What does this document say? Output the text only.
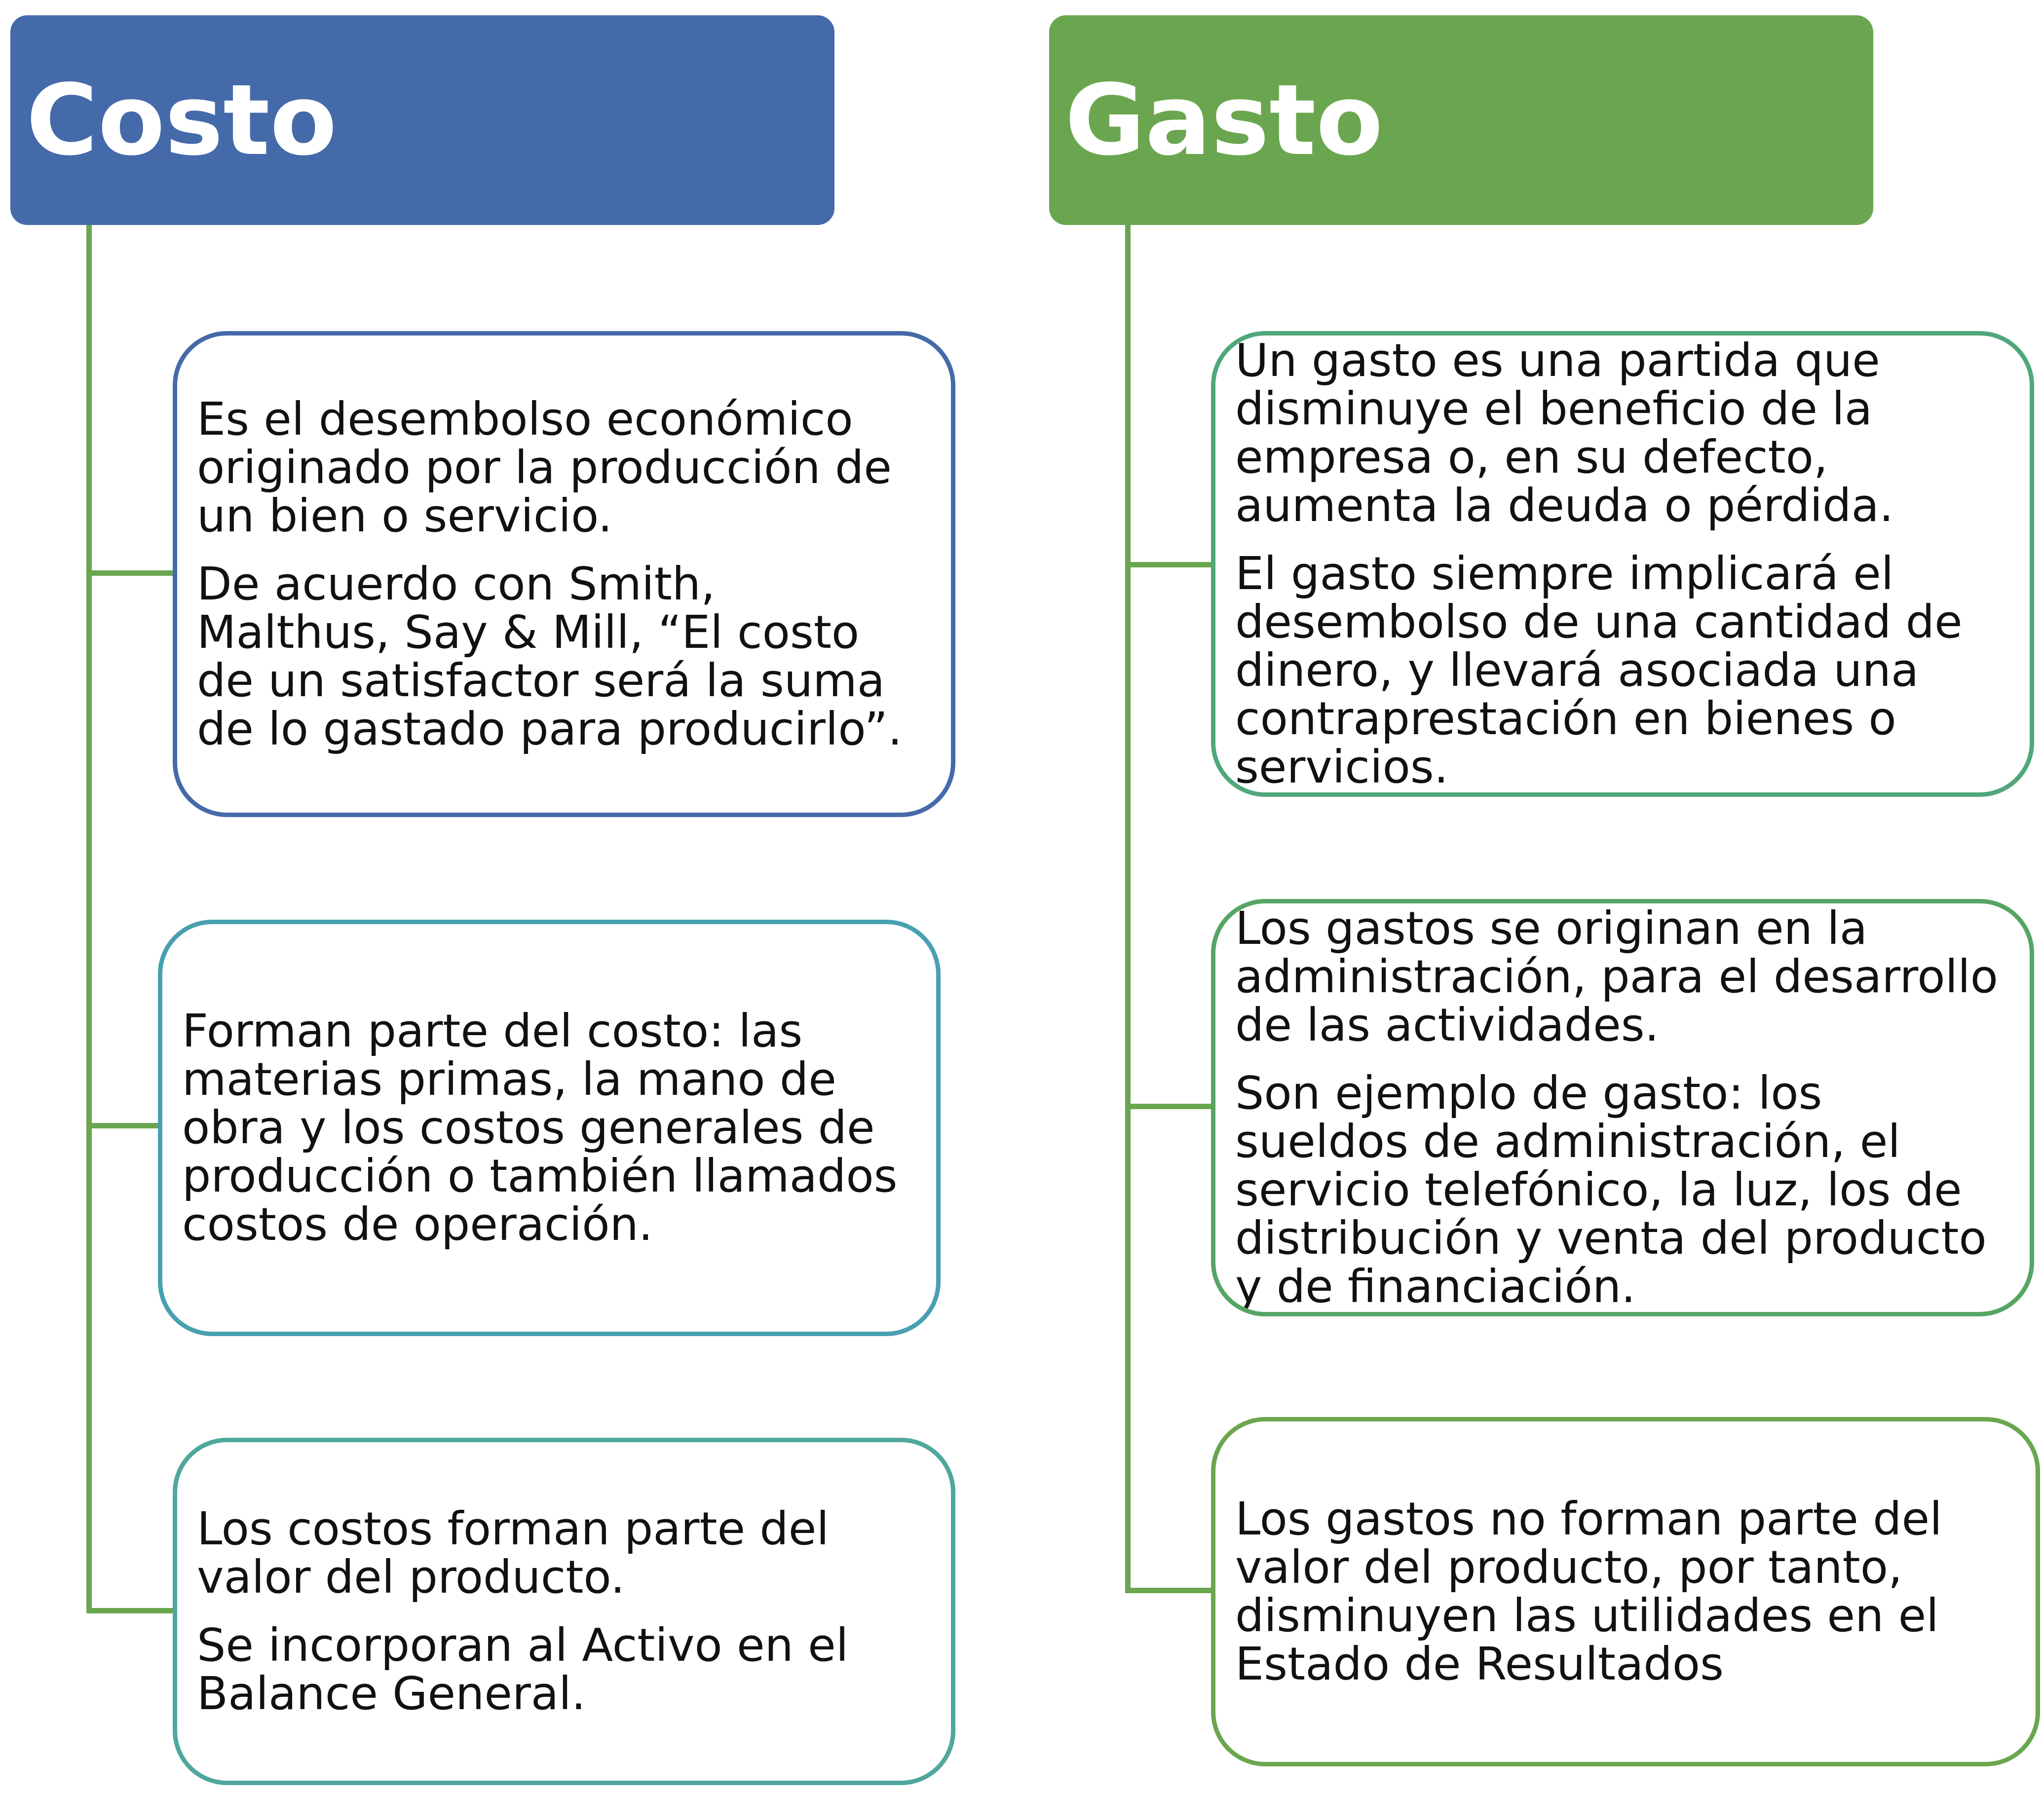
Costo	Gasto

Es el desembolso económico originado por la producción de un bien o servicio.

De acuerdo con Smith, Malthus, Say & Mill, “El costo de un satisfactor será la suma de lo gastado para producirlo”.

Forman parte del costo: las materias primas, la mano de obra y los costos generales de producción o también llamados costos de operación.

Los costos forman parte del valor del producto.

Se incorporan al Activo en el Balance General.

Un gasto es una partida que disminuye el beneficio de la empresa o, en su defecto, aumenta la deuda o pérdida.

El gasto siempre implicará el desembolso de una cantidad de dinero, y llevará asociada una contraprestación en bienes o servicios.

Los gastos se originan en la administración, para el desarrollo de las actividades.

Son ejemplo de gasto: los sueldos de administración, el servicio telefónico, la luz, los de distribución y venta del producto y de financiación.

Los gastos no forman parte del valor del producto, por tanto, disminuyen las utilidades en el Estado de Resultados
